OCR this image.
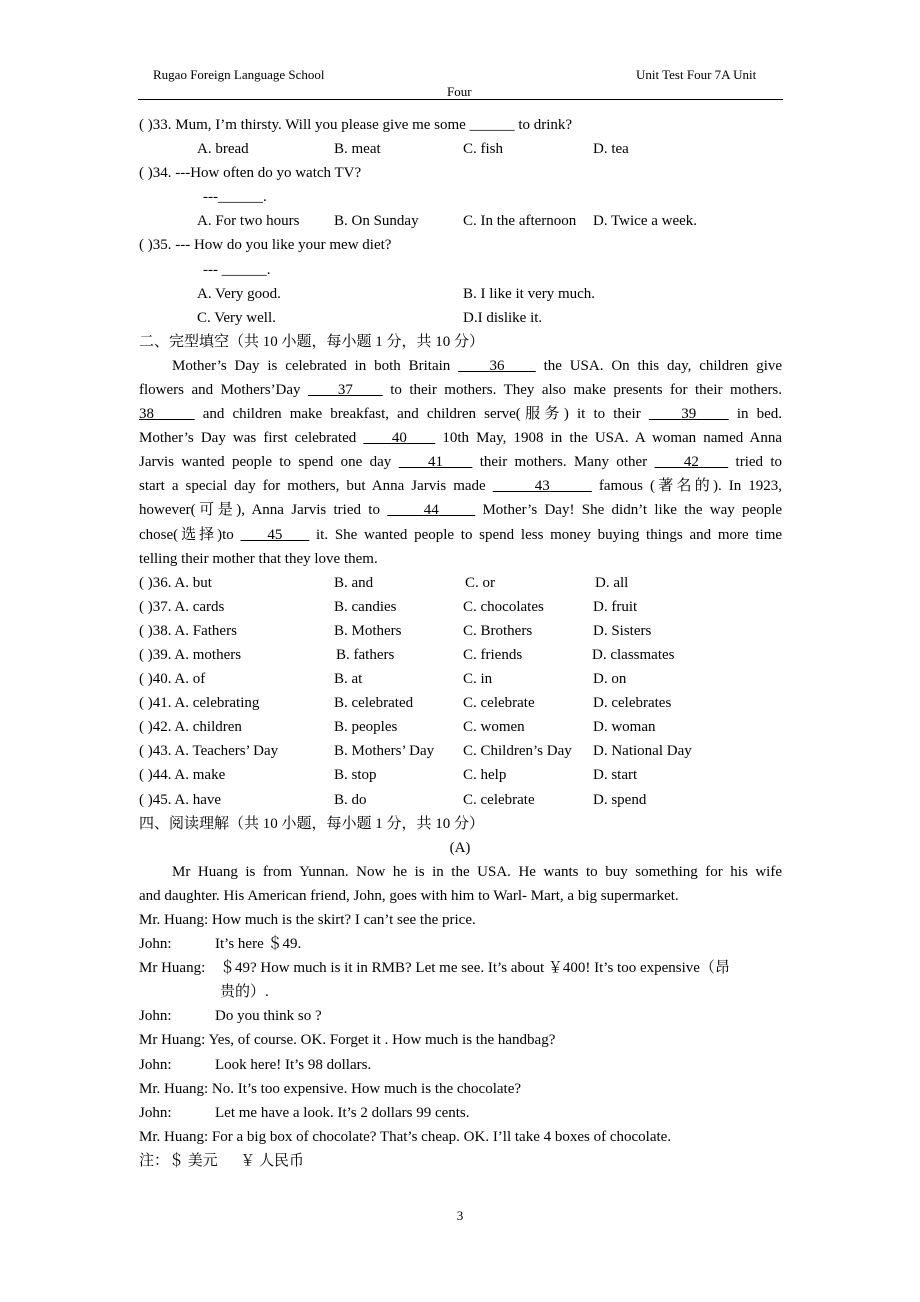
Rugao Foreign Language School	Unit Test Four 7A Unit
Four
( )33. Mum, I’m thirsty. Will you please give me some ______ to drink?
A. bread	B. meat	C. fish	D. tea
( )34. ---How often do yo watch TV?
---______.
A. For two hours B. On Sunday	C. In the afternoon D. Twice a week.
( )35. --- How do you like your mew diet?
--- ______.
A. Very good.	B. I like it very much.
C. Very well.	D.I dislike it.
二、完型填空（共 10 小题，每小题 1 分，共 10 分）
Mother’s Day is celebrated in both Britain	36	the USA. On this day, children give
flowers and Mothers’Day 37 to their mothers. They also make presents for their mothers.
38	and children make breakfast, and children serve(服务) it to their	39	in bed.
Mother’s Day was first celebrated 40 10th May, 1908 in the USA. A woman named Anna
Jarvis wanted people to spend one day 41 their mothers. Many other 42 tried to
start a special day for mothers, but Anna Jarvis made	43	famous (著名的). In 1923,
however(可是), Anna Jarvis tried to	44	Mother’s Day! She didn’t like the way people
chose(选择)to 45 it. She wanted people to spend less money buying things and more time
telling their mother that they love them.
( )36. A. but	B. and	C. or	D. all
( )37. A. cards	B. candies	C. chocolates	D. fruit
( )38. A. Fathers	B. Mothers	C. Brothers	D. Sisters
( )39. A. mothers	B. fathers	C. friends	D. classmates
( )40. A. of	B. at	C. in	D. on
( )41. A. celebrating	B. celebrated	C. celebrate	D. celebrates
( )42. A. children	B. peoples	C. women	D. woman
( )43. A. Teachers’ Day	B. Mothers’ Day C. Children’s Day D. National Day
( )44. A. make	B. stop	C. help	D. start
( )45. A. have	B. do	C. celebrate	D. spend
四、阅读理解（共 10 小题，每小题 1 分，共 10 分）
(A)
Mr Huang is from Yunnan. Now he is in the USA. He wants to buy something for his wife
and daughter. His American friend, John, goes with him to Warl- Mart, a big supermarket.
Mr. Huang: How much is the skirt? I can’t see the price.
John:	It’s here ＄49.
Mr Huang: ＄49? How much is it in RMB? Let me see. It’s about ￥400! It’s too expensive（昂
贵的）.
John:	Do you think so ?
Mr Huang: Yes, of course. OK. Forget it . How much is the handbag?
John:	Look here! It’s 98 dollars.
Mr. Huang: No. It’s too expensive. How much is the chocolate?
John:	Let me have a look. It’s 2 dollars 99 cents.
Mr. Huang: For a big box of chocolate? That’s cheap. OK. I’ll take 4 boxes of chocolate.
注：＄ 美元      ￥ 人民币
3
